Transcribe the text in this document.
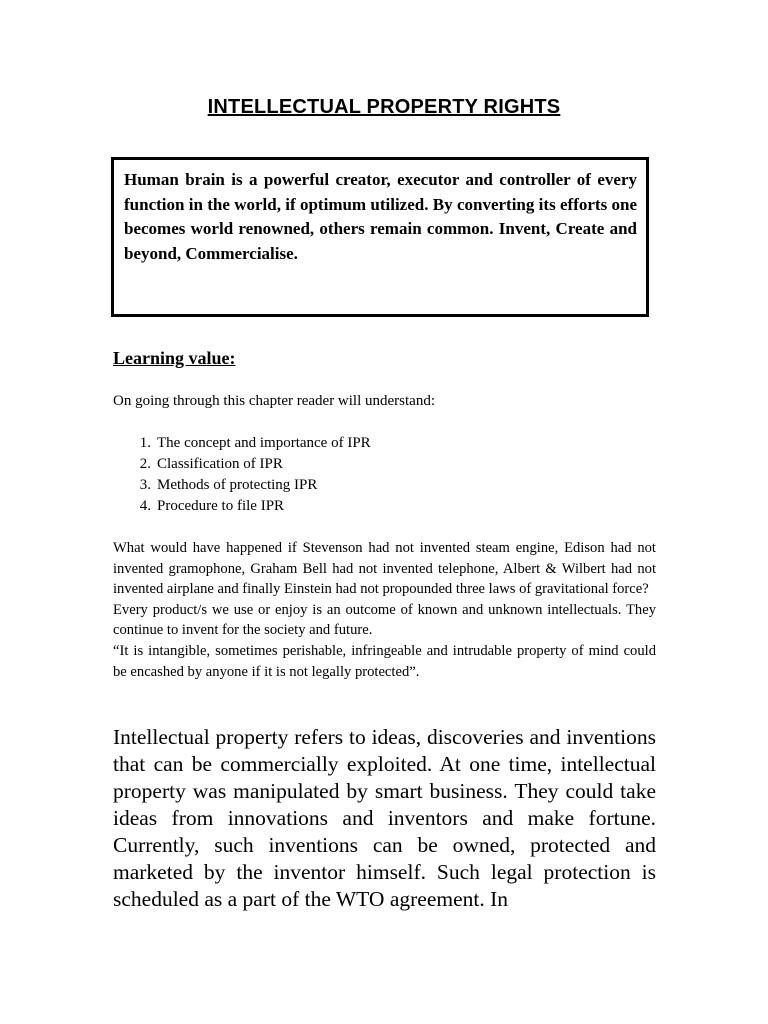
INTELLECTUAL PROPERTY RIGHTS

Human brain is a powerful creator, executor and controller of every function in the world, if optimum utilized. By converting its efforts one becomes world renowned, others remain common. Invent, Create and beyond, Commercialise.

Learning value:
On going through this chapter reader will understand:
1. The concept and importance of IPR
2. Classification of IPR
3. Methods of protecting IPR
4. Procedure to file IPR

What would have happened if Stevenson had not invented steam engine, Edison had not invented gramophone, Graham Bell had not invented telephone, Albert & Wilbert had not invented airplane and finally Einstein had not propounded three laws of gravitational force?

Every product/s we use or enjoy is an outcome of known and unknown intellectuals. They continue to invent for the society and future.

“It is intangible, sometimes perishable, infringeable and intrudable property of mind could be encashed by anyone if it is not legally protected”.

Intellectual property refers to ideas, discoveries and inventions that can be commercially exploited. At one time, intellectual property was manipulated by smart business. They could take ideas from innovations and inventors and make fortune. Currently, such inventions can be owned, protected and marketed by the inventor himself. Such legal protection is scheduled as a part of the WTO agreement. In
